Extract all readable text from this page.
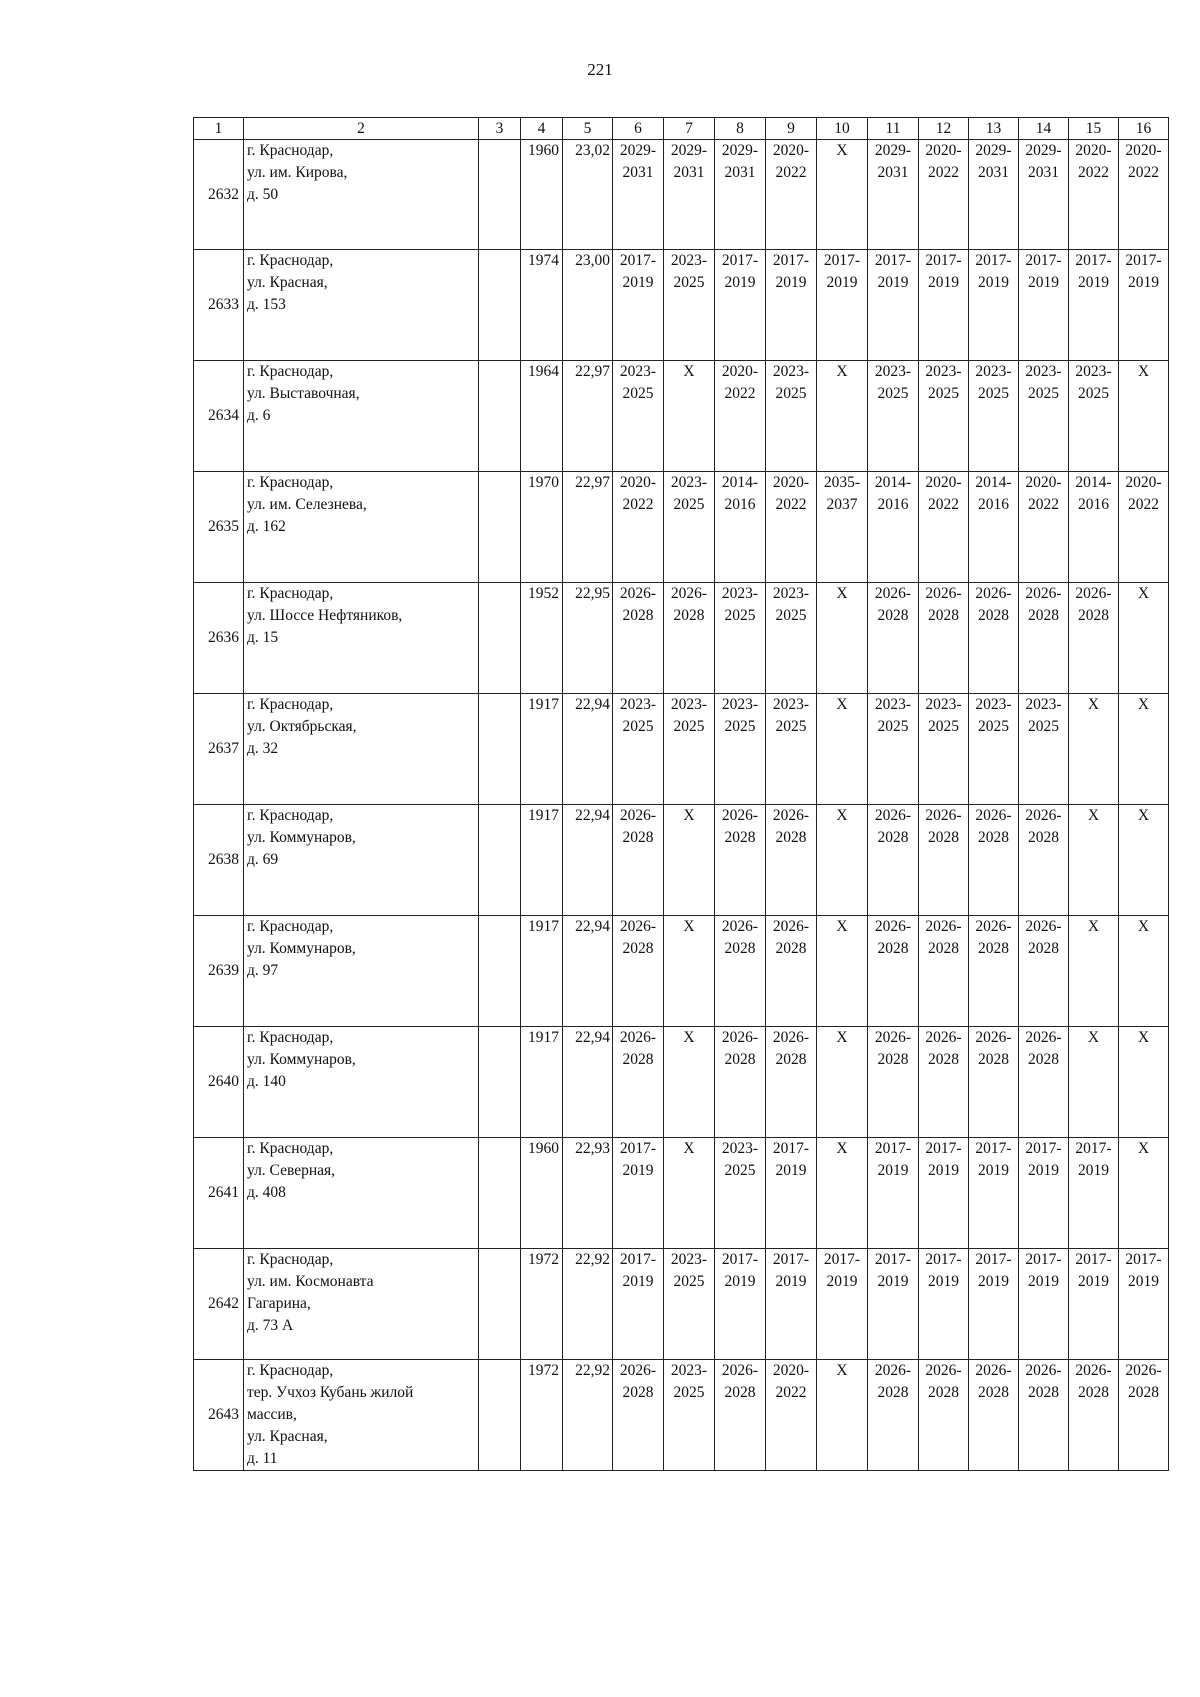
221
1	2	3	4	5	6	7	8	9	10	11	12	13	14	15	16
2632	г. Краснодар,
ул. им. Кирова,
д. 50		1960	23,02	2029-
2031	2029-
2031	2029-
2031	2020-
2022	Х	2029-
2031	2020-
2022	2029-
2031	2029-
2031	2020-
2022	2020-
2022

2633	г. Краснодар,
ул. Красная,
д. 153		1974	23,00	2017-
2019	2023-
2025	2017-
2019	2017-
2019	2017-
2019	2017-
2019	2017-
2019	2017-
2019	2017-
2019	2017-
2019	2017-
2019

2634	г. Краснодар,
ул. Выставочная,
д. 6		1964	22,97	2023-
2025	Х	2020-
2022	2023-
2025	Х	2023-
2025	2023-
2025	2023-
2025	2023-
2025	2023-
2025	Х

2635	г. Краснодар,
ул. им. Селезнева,
д. 162		1970	22,97	2020-
2022	2023-
2025	2014-
2016	2020-
2022	2035-
2037	2014-
2016	2020-
2022	2014-
2016	2020-
2022	2014-
2016	2020-
2022

2636	г. Краснодар,
ул. Шоссе Нефтяников,
д. 15		1952	22,95	2026-
2028	2026-
2028	2023-
2025	2023-
2025	Х	2026-
2028	2026-
2028	2026-
2028	2026-
2028	2026-
2028	Х

2637	г. Краснодар,
ул. Октябрьская,
д. 32		1917	22,94	2023-
2025	2023-
2025	2023-
2025	2023-
2025	Х	2023-
2025	2023-
2025	2023-
2025	2023-
2025	Х	Х

2638	г. Краснодар,
ул. Коммунаров,
д. 69		1917	22,94	2026-
2028	Х	2026-
2028	2026-
2028	Х	2026-
2028	2026-
2028	2026-
2028	2026-
2028	Х	Х

2639	г. Краснодар,
ул. Коммунаров,
д. 97		1917	22,94	2026-
2028	Х	2026-
2028	2026-
2028	Х	2026-
2028	2026-
2028	2026-
2028	2026-
2028	Х	Х

2640	г. Краснодар,
ул. Коммунаров,
д. 140		1917	22,94	2026-
2028	Х	2026-
2028	2026-
2028	Х	2026-
2028	2026-
2028	2026-
2028	2026-
2028	Х	Х

2641	г. Краснодар,
ул. Северная,
д. 408		1960	22,93	2017-
2019	Х	2023-
2025	2017-
2019	Х	2017-
2019	2017-
2019	2017-
2019	2017-
2019	2017-
2019	Х

2642	г. Краснодар,
ул. им. Космонавта
Гагарина,
д. 73 А		1972	22,92	2017-
2019	2023-
2025	2017-
2019	2017-
2019	2017-
2019	2017-
2019	2017-
2019	2017-
2019	2017-
2019	2017-
2019	2017-
2019

2643	г. Краснодар,
тер. Учхоз Кубань жилой
массив,
ул. Красная,
д. 11		1972	22,92	2026-
2028	2023-
2025	2026-
2028	2020-
2022	Х	2026-
2028	2026-
2028	2026-
2028	2026-
2028	2026-
2028	2026-
2028
